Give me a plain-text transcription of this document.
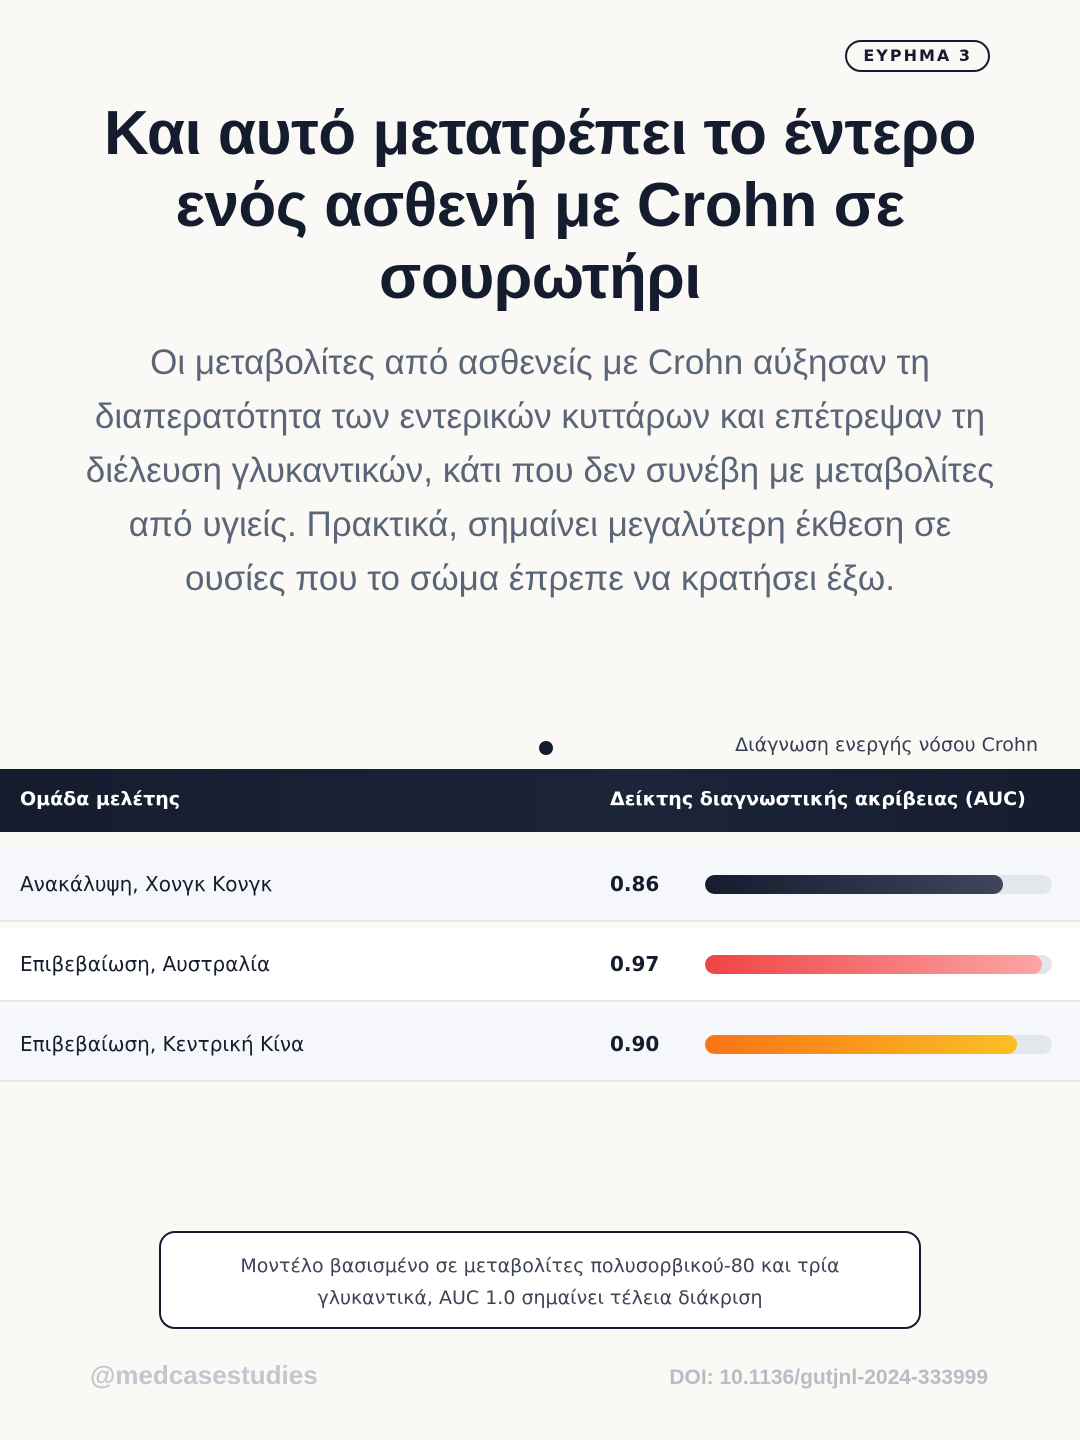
ΕΥΡΗΜΑ 3
Και αυτό μετατρέπει το έντερο ενός ασθενή με Crohn σε σουρωτήρι

Οι μεταβολίτες από ασθενείς με Crohn αύξησαν τη διαπερατότητα των εντερικών κυττάρων και επέτρεψαν τη διέλευση γλυκαντικών, κάτι που δεν συνέβη με μεταβολίτες από υγιείς. Πρακτικά, σημαίνει μεγαλύτερη έκθεση σε ουσίες που το σώμα έπρεπε να κρατήσει έξω.

Διάγνωση ενεργής νόσου Crohn
Ομάδα μελέτης	Δείκτης διαγνωστικής ακρίβειας (AUC)
Ανακάλυψη, Χονγκ Κονγκ	0.86
Επιβεβαίωση, Αυστραλία	0.97
Επιβεβαίωση, Κεντρική Κίνα	0.90
Μοντέλο βασισμένο σε μεταβολίτες πολυσορβικού-80 και τρία γλυκαντικά, AUC 1.0 σημαίνει τέλεια διάκριση
@medcasestudies	DOI: 10.1136/gutjnl-2024-333999
